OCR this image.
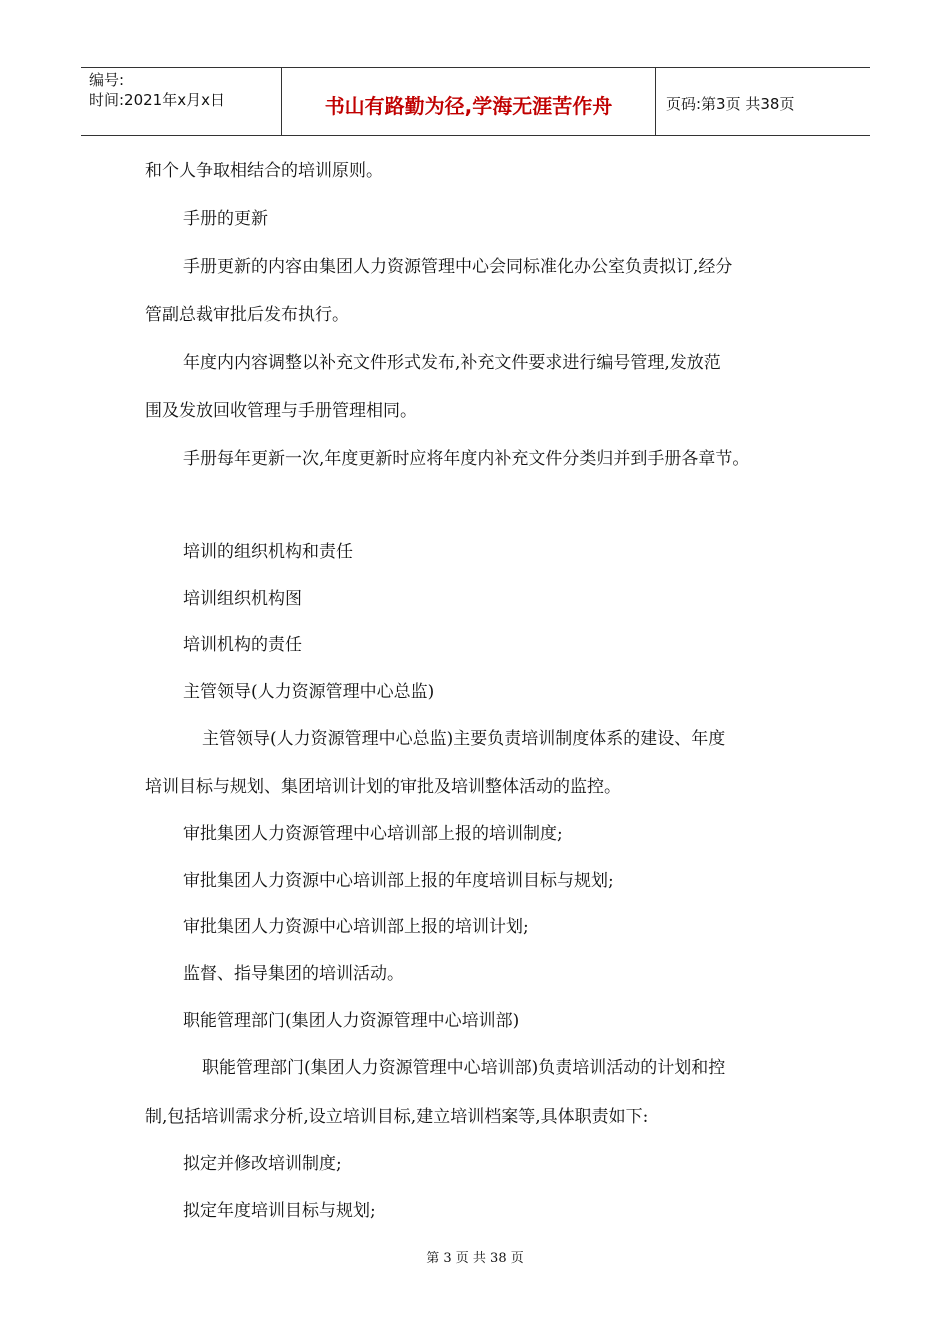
编号:
时间:2021年x月x日	书山有路勤为径,学海无涯苦作舟	页码:第3页 共38页
和个人争取相结合的培训原则。
手册的更新
手册更新的内容由集团人力资源管理中心会同标准化办公室负责拟订,经分
管副总裁审批后发布执行。
年度内内容调整以补充文件形式发布,补充文件要求进行编号管理,发放范
围及发放回收管理与手册管理相同。
手册每年更新一次,年度更新时应将年度内补充文件分类归并到手册各章节。
培训的组织机构和责任
培训组织机构图
培训机构的责任
主管领导(人力资源管理中心总监)
主管领导(人力资源管理中心总监)主要负责培训制度体系的建设、年度
培训目标与规划、集团培训计划的审批及培训整体活动的监控。
审批集团人力资源管理中心培训部上报的培训制度;
审批集团人力资源中心培训部上报的年度培训目标与规划;
审批集团人力资源中心培训部上报的培训计划;
监督、指导集团的培训活动。
职能管理部门(集团人力资源管理中心培训部)
职能管理部门(集团人力资源管理中心培训部)负责培训活动的计划和控
制,包括培训需求分析,设立培训目标,建立培训档案等,具体职责如下:
拟定并修改培训制度;
拟定年度培训目标与规划;
第 3 页 共 38 页
